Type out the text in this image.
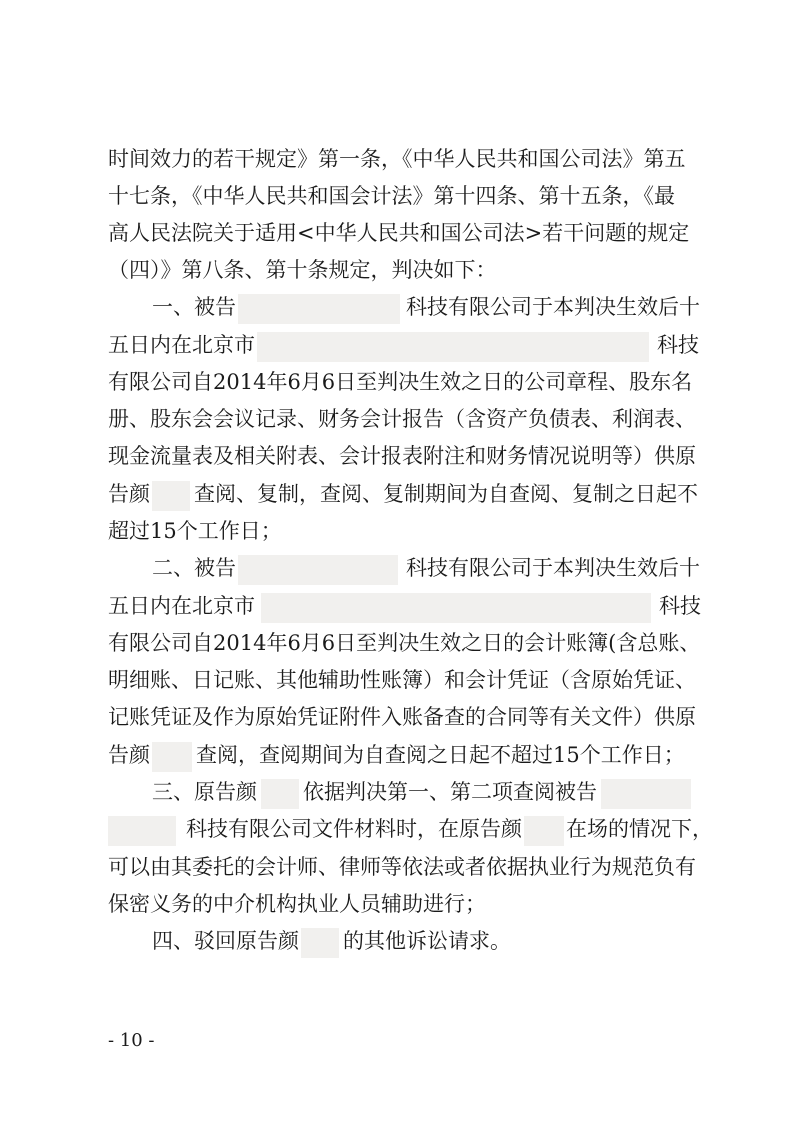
时间效力的若干规定》第一条，《中华人民共和国公司法》第五
十七条，《中华人民共和国会计法》第十四条、第十五条，《最
高人民法院关于适用<中华人民共和国公司法>若干问题的规定
（四）》第八条、第十条规定，判决如下：
一、被告	科技有限公司于本判决生效后十
五日内在北京市	科技
有限公司自2014年6月6日至判决生效之日的公司章程、股东名
册、股东会会议记录、财务会计报告（含资产负债表、利润表、
现金流量表及相关附表、会计报表附注和财务情况说明等）供原
告颜 查阅、复制，查阅、复制期间为自查阅、复制之日起不
超过15个工作日；
二、被告	科技有限公司于本判决生效后十
五日内在北京市	科技
有限公司自2014年6月6日至判决生效之日的会计账簿(含总账、
明细账、日记账、其他辅助性账簿）和会计凭证（含原始凭证、
记账凭证及作为原始凭证附件入账备查的合同等有关文件）供原
告颜 查阅，查阅期间为自查阅之日起不超过15个工作日；
三、原告颜 依据判决第一、第二项查阅被告
科技有限公司文件材料时，在原告颜 在场的情况下，
可以由其委托的会计师、律师等依法或者依据执业行为规范负有
保密义务的中介机构执业人员辅助进行；
四、驳回原告颜 的其他诉讼请求。
- 10 -
